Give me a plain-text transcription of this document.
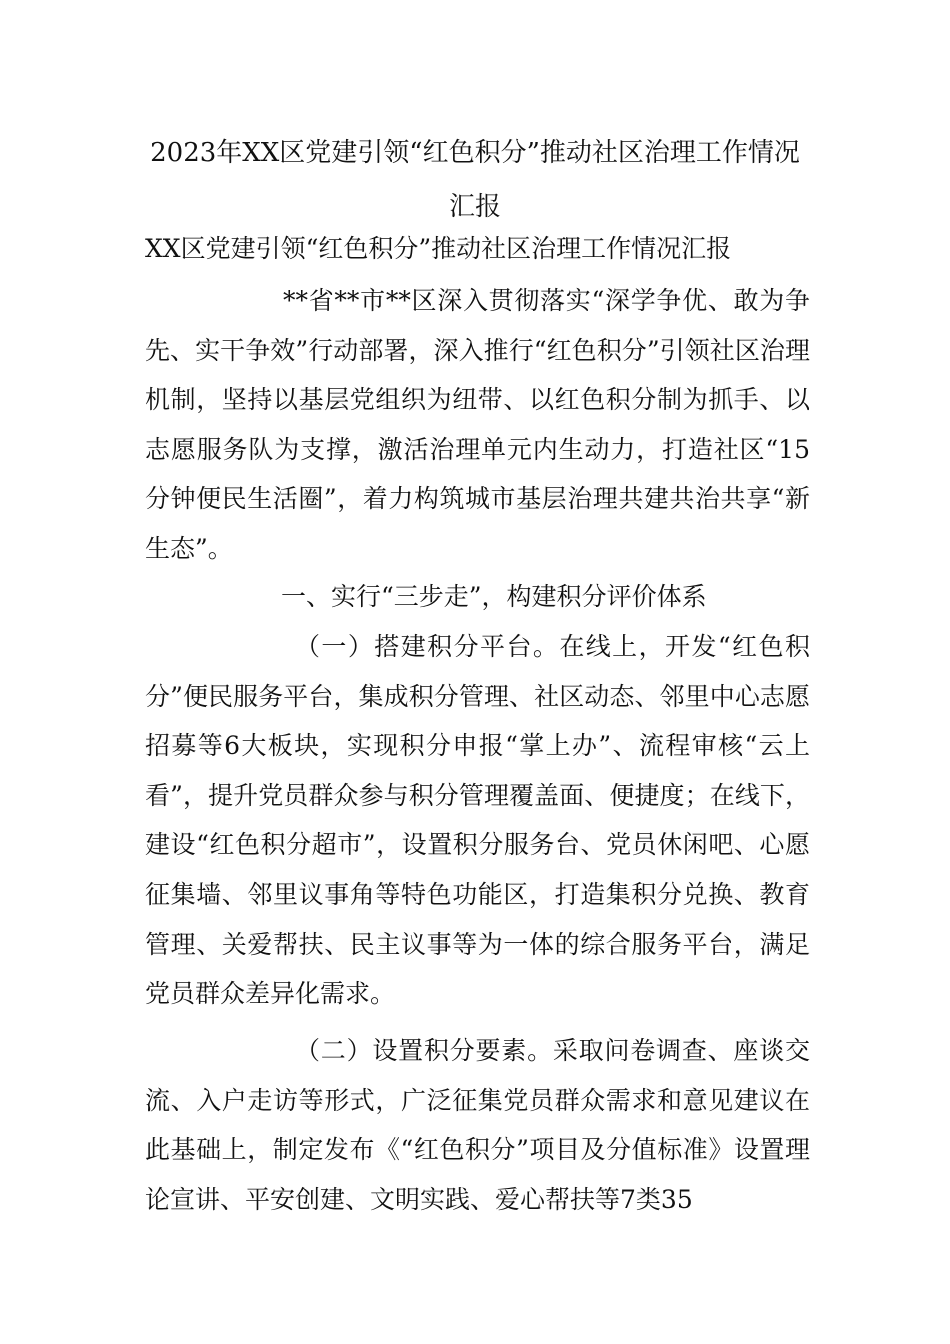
2023年XX区党建引领“红色积分”推动社区治理工作情况汇报
XX区党建引领“红色积分”推动社区治理工作情况汇报

**省**市**区深入贯彻落实“深学争优、敢为争先、实干争效”行动部署，深入推行“红色积分”引领社区治理机制，坚持以基层党组织为纽带、以红色积分制为抓手、以志愿服务队为支撑，激活治理单元内生动力，打造社区“15分钟便民生活圈”，着力构筑城市基层治理共建共治共享“新生态”。

一、实行“三步走”，构建积分评价体系

（一）搭建积分平台。在线上，开发“红色积分”便民服务平台，集成积分管理、社区动态、邻里中心志愿招募等6大板块，实现积分申报“掌上办”、流程审核“云上看”，提升党员群众参与积分管理覆盖面、便捷度；在线下，建设“红色积分超市”，设置积分服务台、党员休闲吧、心愿征集墙、邻里议事角等特色功能区，打造集积分兑换、教育管理、关爱帮扶、民主议事等为一体的综合服务平台，满足党员群众差异化需求。

（二）设置积分要素。采取问卷调查、座谈交流、入户走访等形式，广泛征集党员群众需求和意见建议在此基础上，制定发布《“红色积分”项目及分值标准》设置理论宣讲、平安创建、文明实践、爱心帮扶等7类35
